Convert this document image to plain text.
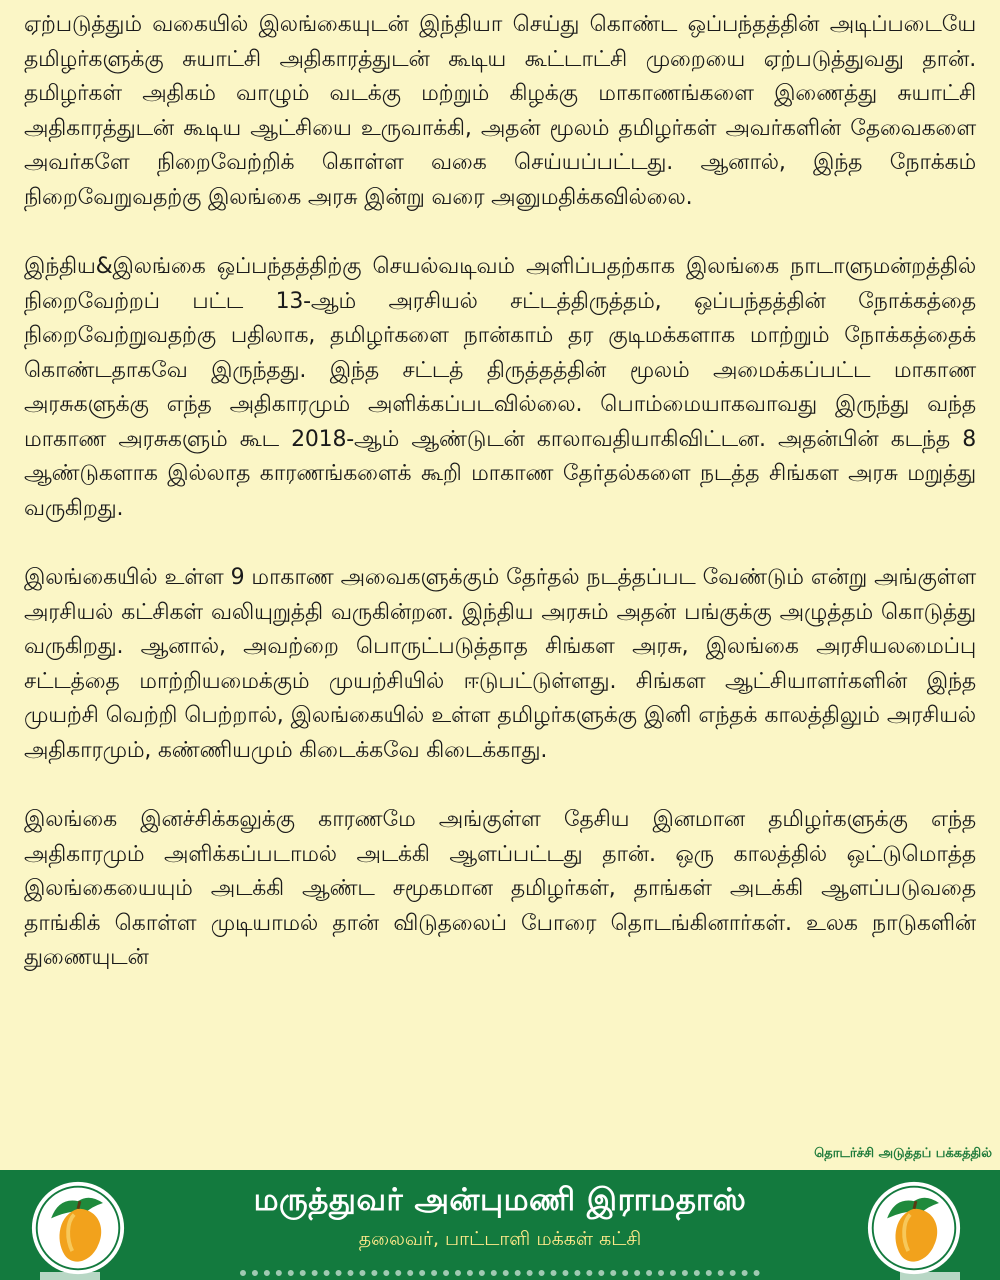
ஏற்படுத்தும் வகையில் இலங்கையுடன் இந்தியா செய்து கொண்ட ஒப்பந்தத்தின் அடிப்படையே தமிழர்களுக்கு சுயாட்சி அதிகாரத்துடன் கூடிய கூட்டாட்சி முறையை ஏற்படுத்துவது தான். தமிழர்கள் அதிகம் வாழும் வடக்கு மற்றும் கிழக்கு மாகாணங்களை இணைத்து சுயாட்சி அதிகாரத்துடன் கூடிய ஆட்சியை உருவாக்கி, அதன் மூலம் தமிழர்கள் அவர்களின் தேவைகளை அவர்களே நிறைவேற்றிக் கொள்ள வகை செய்யப்பட்டது. ஆனால், இந்த நோக்கம் நிறைவேறுவதற்கு இலங்கை அரசு இன்று வரை அனுமதிக்கவில்லை.

இந்திய&இலங்கை ஒப்பந்தத்திற்கு செயல்வடிவம் அளிப்பதற்காக இலங்கை நாடாளுமன்றத்தில் நிறைவேற்றப் பட்ட 13-ஆம் அரசியல் சட்டத்திருத்தம், ஒப்பந்தத்தின் நோக்கத்தை நிறைவேற்றுவதற்கு பதிலாக, தமிழர்களை நான்காம் தர குடிமக்களாக மாற்றும் நோக்கத்தைக் கொண்டதாகவே இருந்தது. இந்த சட்டத் திருத்தத்தின் மூலம் அமைக்கப்பட்ட மாகாண அரசுகளுக்கு எந்த அதிகாரமும் அளிக்கப்படவில்லை. பொம்மையாகவாவது இருந்து வந்த மாகாண அரசுகளும் கூட 2018-ஆம் ஆண்டுடன் காலாவதியாகிவிட்டன. அதன்பின் கடந்த 8 ஆண்டுகளாக இல்லாத காரணங்களைக் கூறி மாகாண தேர்தல்களை நடத்த சிங்கள அரசு மறுத்து வருகிறது.

இலங்கையில் உள்ள 9 மாகாண அவைகளுக்கும் தேர்தல் நடத்தப்பட வேண்டும் என்று அங்குள்ள அரசியல் கட்சிகள் வலியுறுத்தி வருகின்றன. இந்திய அரசும் அதன் பங்குக்கு அழுத்தம் கொடுத்து வருகிறது. ஆனால், அவற்றை பொருட்படுத்தாத சிங்கள அரசு, இலங்கை அரசியலமைப்பு சட்டத்தை மாற்றியமைக்கும் முயற்சியில் ஈடுபட்டுள்ளது. சிங்கள ஆட்சியாளர்களின் இந்த முயற்சி வெற்றி பெற்றால், இலங்கையில் உள்ள தமிழர்களுக்கு இனி எந்தக் காலத்திலும் அரசியல் அதிகாரமும், கண்ணியமும் கிடைக்கவே கிடைக்காது.

இலங்கை இனச்சிக்கலுக்கு காரணமே அங்குள்ள தேசிய இனமான தமிழர்களுக்கு எந்த அதிகாரமும் அளிக்கப்படாமல் அடக்கி ஆளப்பட்டது தான். ஒரு காலத்தில் ஒட்டுமொத்த இலங்கையையும் அடக்கி ஆண்ட சமூகமான தமிழர்கள், தாங்கள் அடக்கி ஆளப்படுவதை தாங்கிக் கொள்ள முடியாமல் தான் விடுதலைப் போரை தொடங்கினார்கள். உலக நாடுகளின் துணையுடன்

தொடர்ச்சி அடுத்தப் பக்கத்தில்
மருத்துவர் அன்புமணி இராமதாஸ்
தலைவர், பாட்டாளி மக்கள் கட்சி
